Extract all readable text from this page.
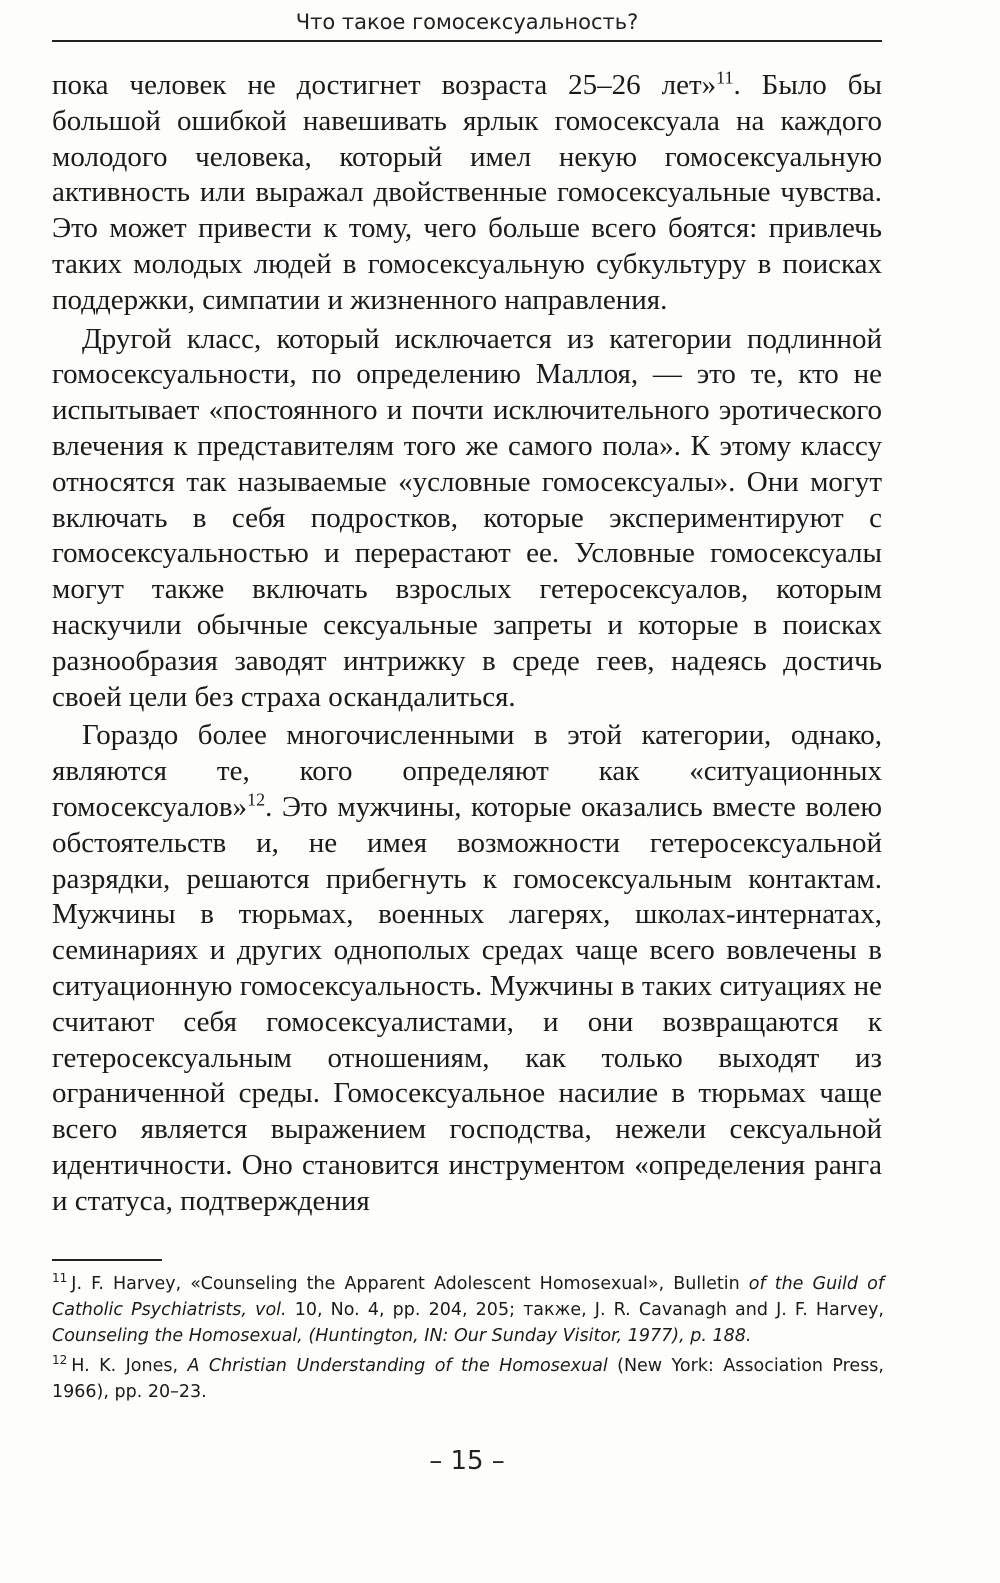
Что такое гомосексуальность?

пока человек не достигнет возраста 25–26 лет»$^{11}$. Было бы большой ошибкой навешивать ярлык гомосексуала на каждого молодого человека, который имел некую гомосексуальную активность или выражал двойственные гомосексуальные чувства. Это может привести к тому, чего больше всего боятся: привлечь таких молодых людей в гомосексуальную субкультуру в поисках поддержки, симпатии и жизненного направления.

Другой класс, который исключается из категории подлинной гомосексуальности, по определению Маллоя, — это те, кто не испытывает «постоянного и почти исключительного эротического влечения к представителям того же самого пола». К этому классу относятся так называемые «условные гомосексуалы». Они могут включать в себя подростков, которые экспериментируют с гомосексуальностью и перерастают ее. Условные гомосексуалы могут также включать взрослых гетеросексуалов, которым наскучили обычные сексуальные запреты и которые в поисках разнообразия заводят интрижку в среде геев, надеясь достичь своей цели без страха оскандалиться.

Гораздо более многочисленными в этой категории, однако, являются те, кого определяют как «ситуационных гомосексуалов»$^{12}$. Это мужчины, которые оказались вместе волею обстоятельств и, не имея возможности гетеросексуальной разрядки, решаются прибегнуть к гомосексуальным контактам. Мужчины в тюрьмах, военных лагерях, школах-интернатах, семинариях и других однополых средах чаще всего вовлечены в ситуационную гомосексуальность. Мужчины в таких ситуациях не считают себя гомосексуалистами, и они возвращаются к гетеросексуальным отношениям, как только выходят из ограниченной среды. Гомосексуальное насилие в тюрьмах чаще всего является выражением господства, нежели сексуальной идентичности. Оно становится инструментом «определения ранга и статуса, подтверждения

$^{11}$ J. F. Harvey, «Counseling the Apparent Adolescent Homosexual», Bulletin of the Guild of Catholic Psychiatrists, vol. 10, No. 4, pp. 204, 205; также, J. R. Cavanagh and J. F. Harvey, Counseling the Homosexual, (Huntington, IN: Our Sunday Visitor, 1977), p. 188.
$^{12}$ H. K. Jones, A Christian Understanding of the Homosexual (New York: Association Press, 1966), pp. 20–23.
– 15 –
